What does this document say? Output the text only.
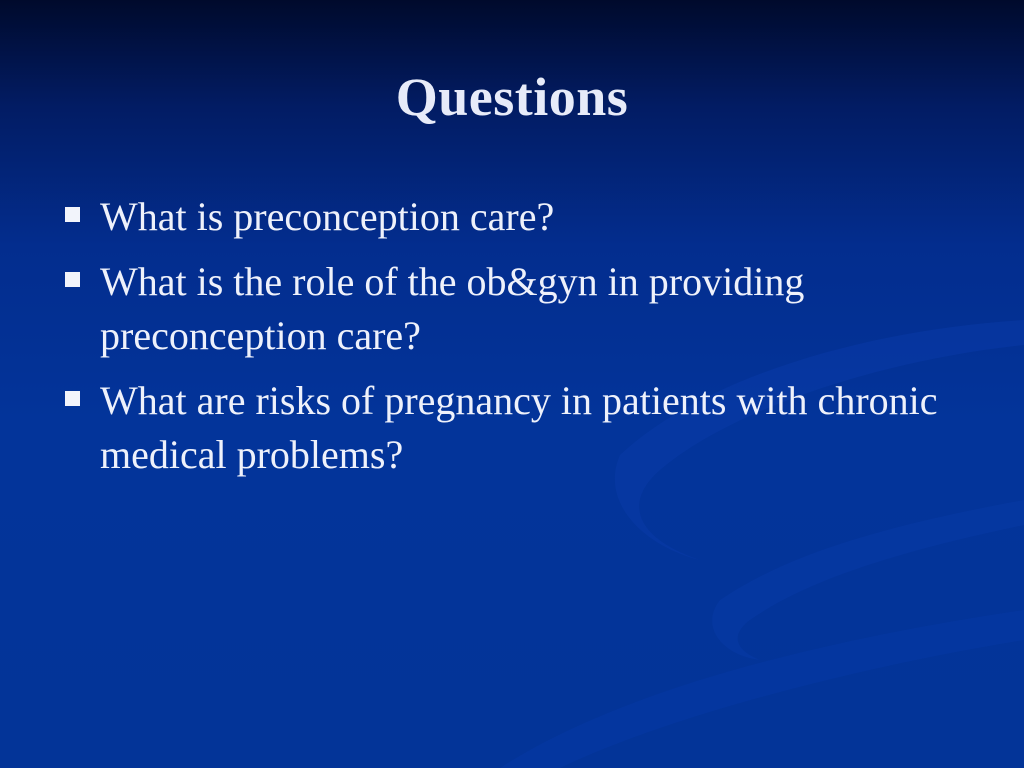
Questions
What is preconception care?
What is the role of the ob&gyn in providing preconception care?
What are risks of pregnancy in patients with chronic medical problems?
